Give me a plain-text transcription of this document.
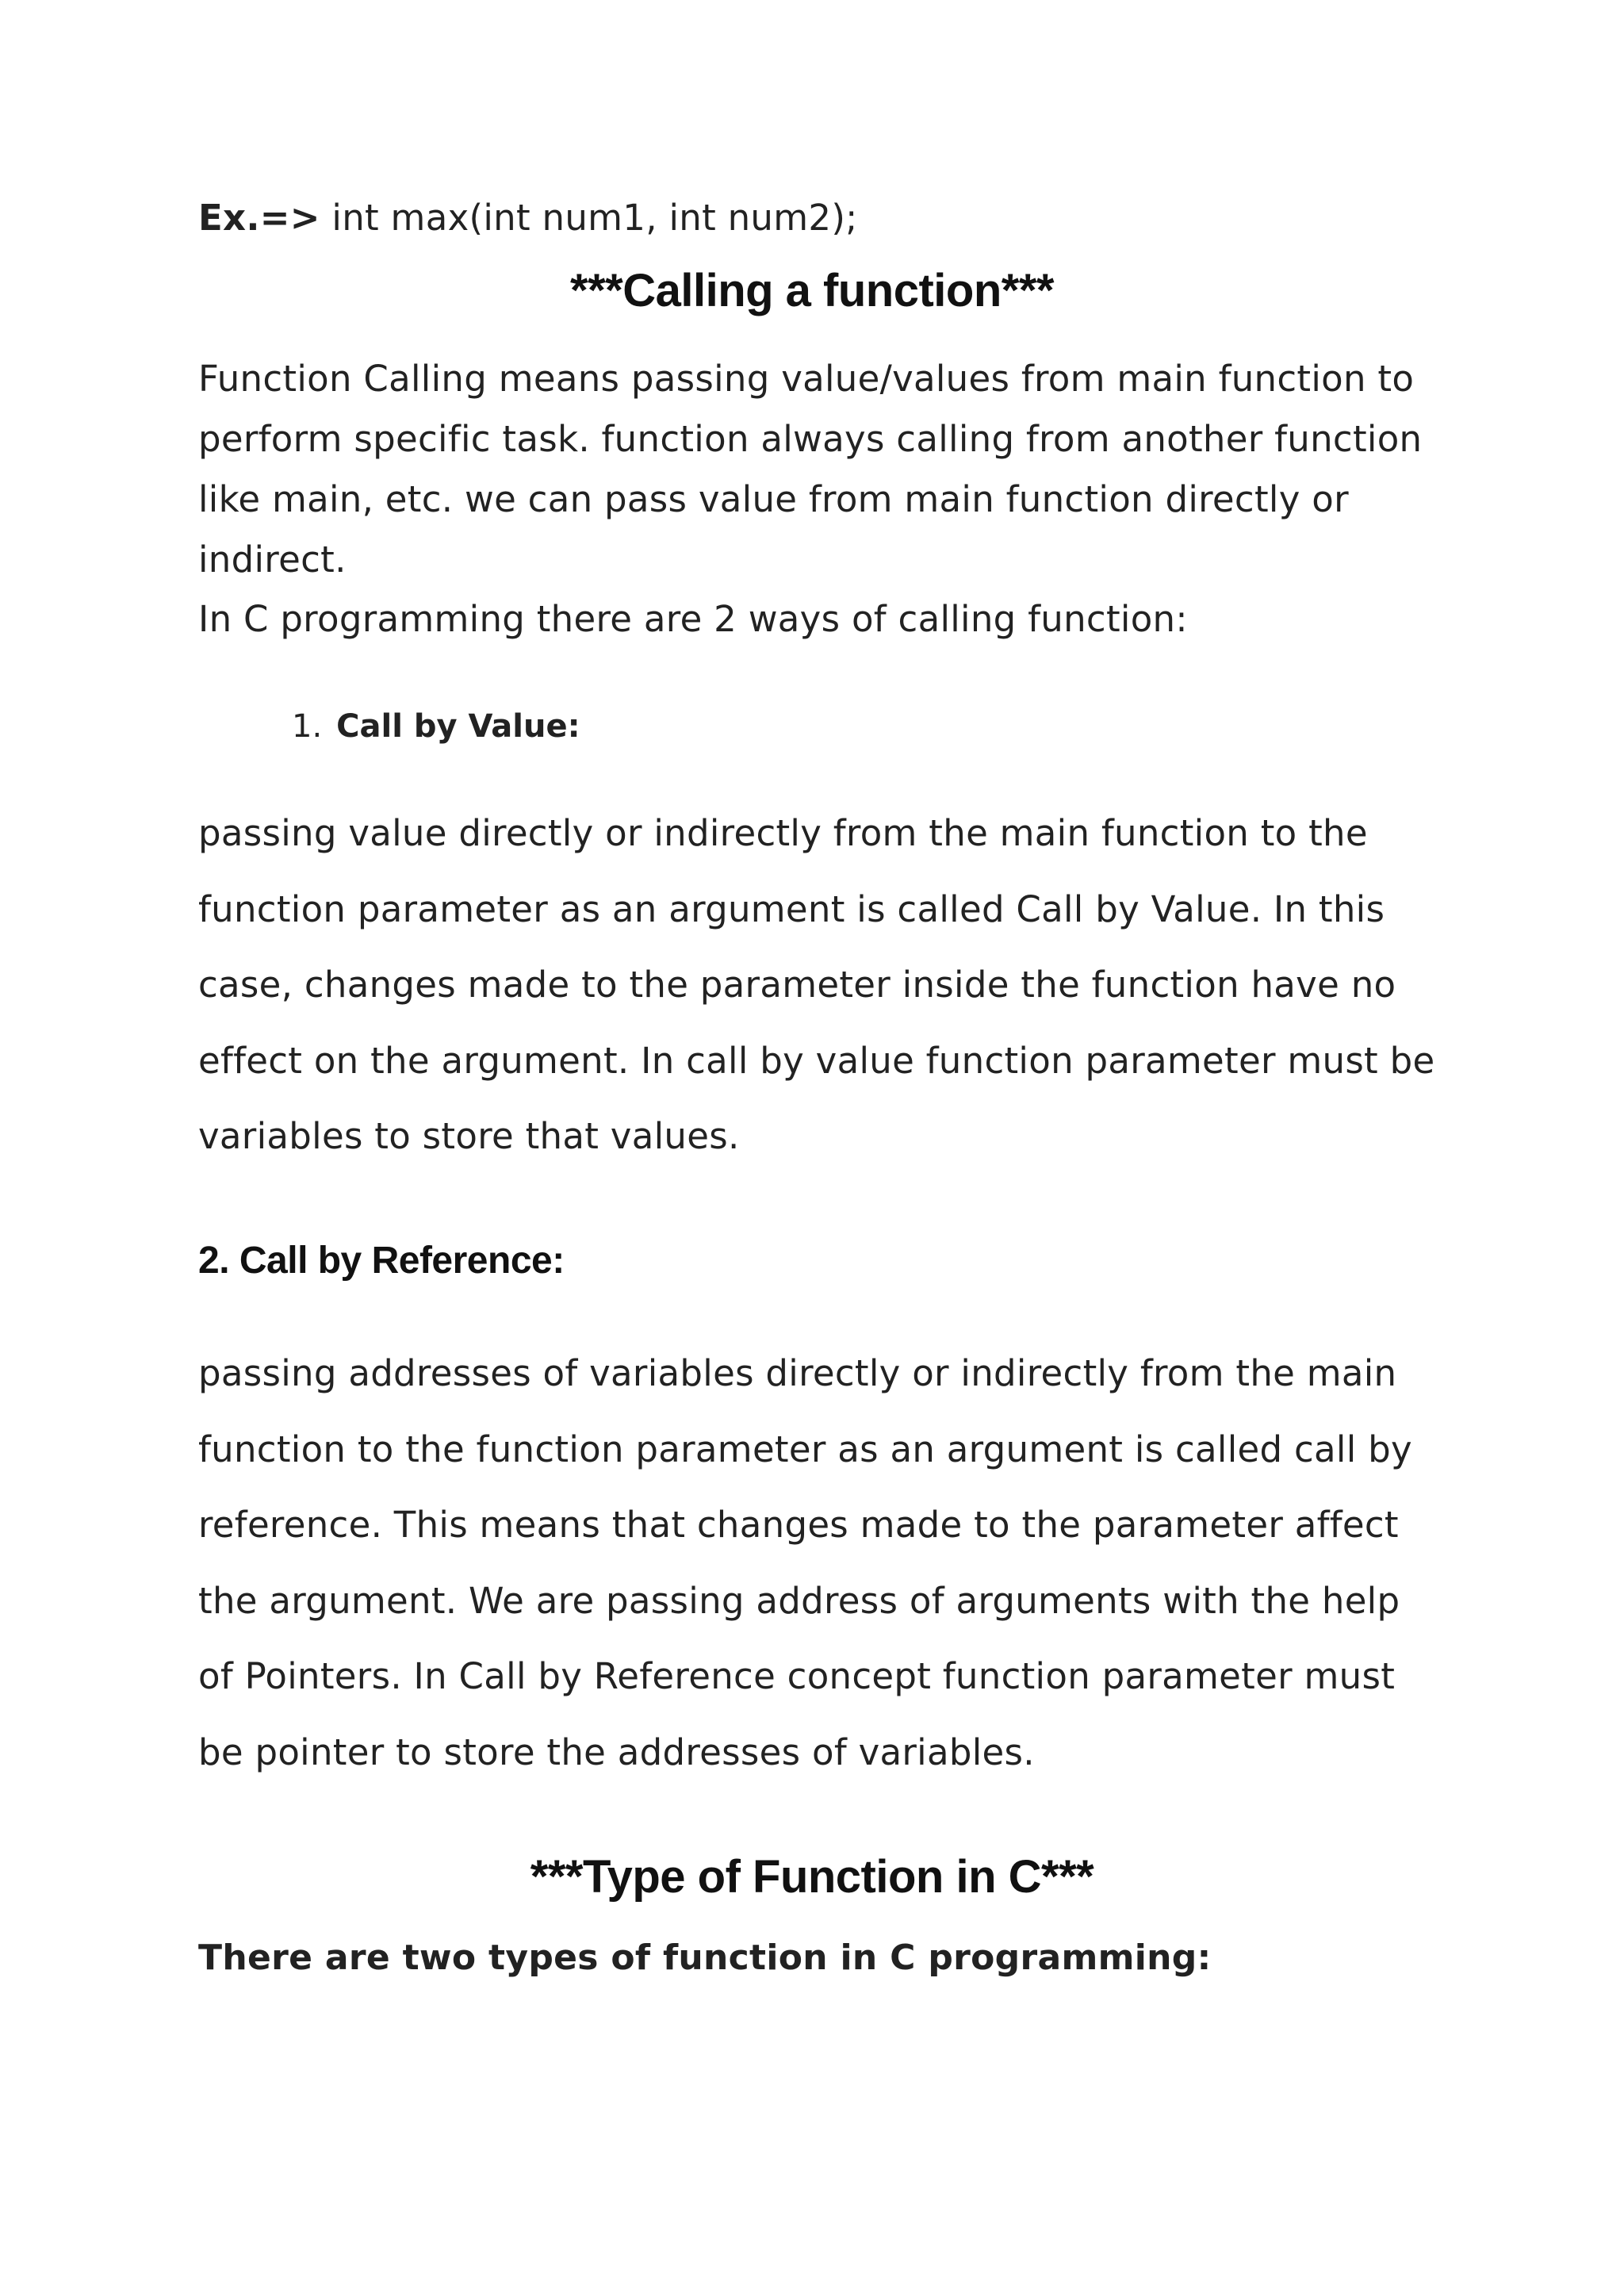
Ex.=> int max(int num1, int num2);

***Calling a function***

Function Calling means passing value/values from main function to
perform specific task. function always calling from another function
like main, etc. we can pass value from main function directly or
indirect.

In C programming there are 2 ways of calling function:

1. Call by Value:

passing value directly or indirectly from the main function to the
function parameter as an argument is called Call by Value. In this
case, changes made to the parameter inside the function have no
effect on the argument. In call by value function parameter must be
variables to store that values.

2. Call by Reference:

passing addresses of variables directly or indirectly from the main
function to the function parameter as an argument is called call by
reference. This means that changes made to the parameter affect
the argument. We are passing address of arguments with the help
of Pointers. In Call by Reference concept function parameter must
be pointer to store the addresses of variables.

***Type of Function in C***

There are two types of function in C programming:
